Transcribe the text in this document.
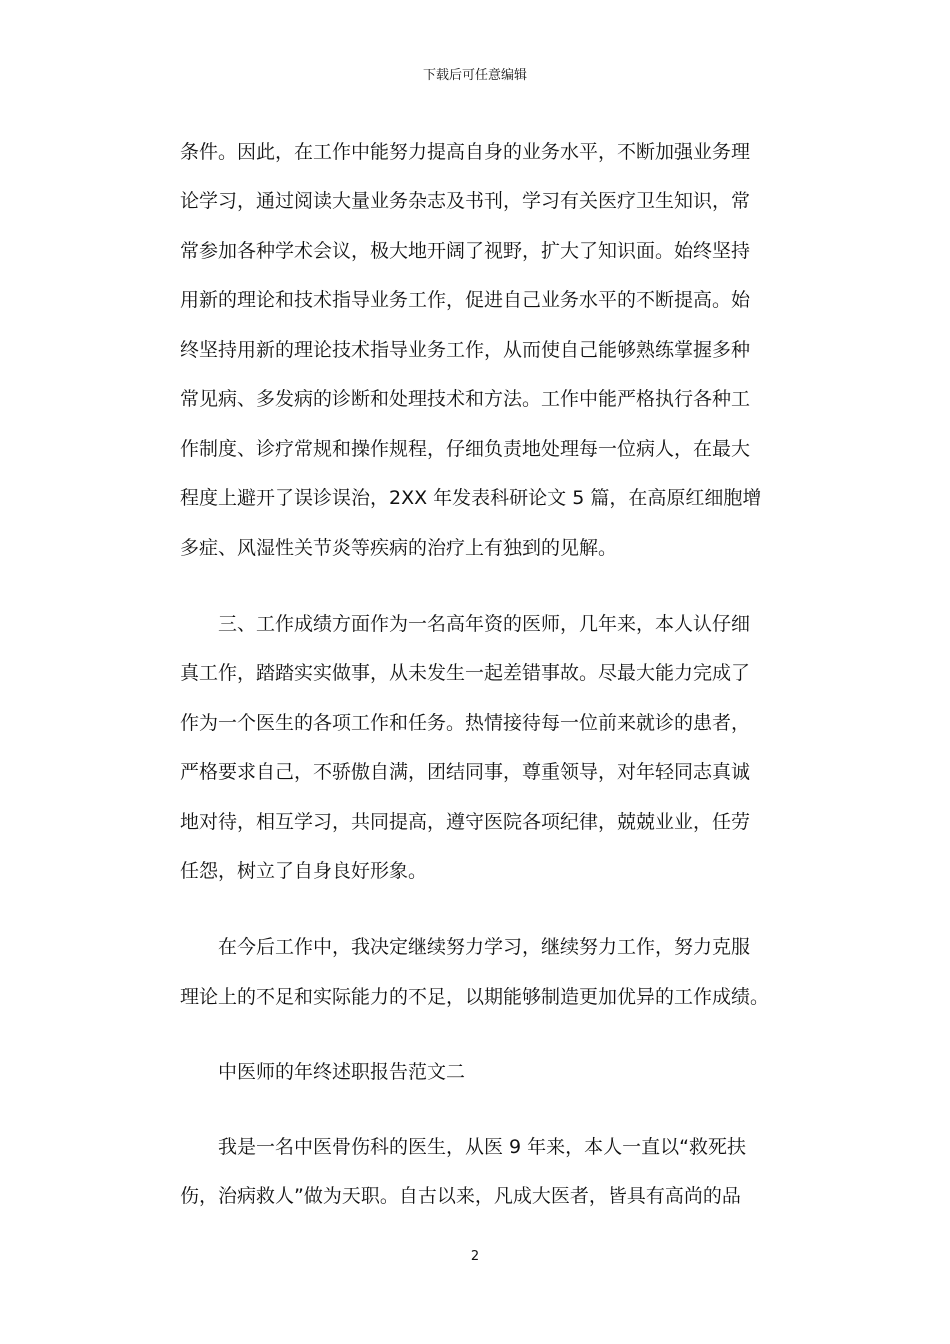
下载后可任意编辑
条件。因此，在工作中能努力提高自身的业务水平，不断加强业务理
论学习，通过阅读大量业务杂志及书刊，学习有关医疗卫生知识，常
常参加各种学术会议，极大地开阔了视野，扩大了知识面。始终坚持
用新的理论和技术指导业务工作，促进自己业务水平的不断提高。始
终坚持用新的理论技术指导业务工作，从而使自己能够熟练掌握多种
常见病、多发病的诊断和处理技术和方法。工作中能严格执行各种工
作制度、诊疗常规和操作规程，仔细负责地处理每一位病人，在最大
程度上避开了误诊误治，2XX 年发表科研论文 5 篇，在高原红细胞增
多症、风湿性关节炎等疾病的治疗上有独到的见解。
三、工作成绩方面作为一名高年资的医师，几年来，本人认仔细
真工作，踏踏实实做事，从未发生一起差错事故。尽最大能力完成了
作为一个医生的各项工作和任务。热情接待每一位前来就诊的患者，
严格要求自己，不骄傲自满，团结同事，尊重领导，对年轻同志真诚
地对待，相互学习，共同提高，遵守医院各项纪律，兢兢业业，任劳
任怨，树立了自身良好形象。
在今后工作中，我决定继续努力学习，继续努力工作，努力克服
理论上的不足和实际能力的不足，以期能够制造更加优异的工作成绩。
中医师的年终述职报告范文二
我是一名中医骨伤科的医生，从医 9 年来，本人一直以“救死扶
伤，治病救人”做为天职。自古以来，凡成大医者，皆具有高尚的品
2
